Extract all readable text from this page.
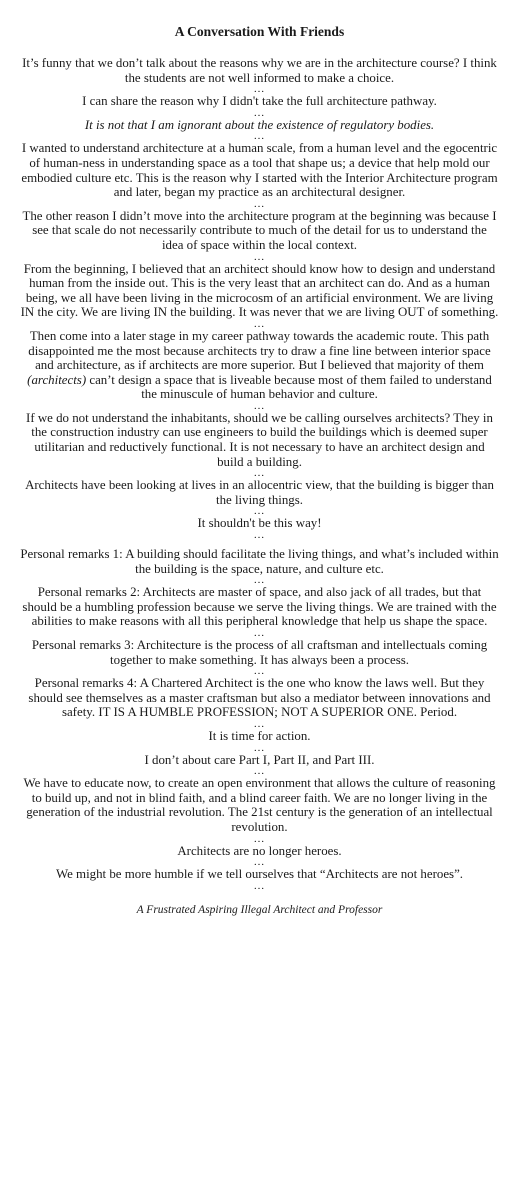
A Conversation With Friends

It’s funny that we don’t talk about the reasons why we are in the architecture course? I think the students are not well informed to make a choice.

…

I can share the reason why I didn't take the full architecture pathway.

…

It is not that I am ignorant about the existence of regulatory bodies.

…

I wanted to understand architecture at a human scale, from a human level and the egocentric of human-ness in understanding space as a tool that shape us; a device that help mold our embodied culture etc. This is the reason why I started with the Interior Architecture program and later, began my practice as an architectural designer.

…

The other reason I didn’t move into the architecture program at the beginning was because I see that scale do not necessarily contribute to much of the detail for us to understand the idea of space within the local context.

…

From the beginning, I believed that an architect should know how to design and understand human from the inside out. This is the very least that an architect can do. And as a human being, we all have been living in the microcosm of an artificial environment. We are living IN the city. We are living IN the building. It was never that we are living OUT of something.

…

Then come into a later stage in my career pathway towards the academic route. This path disappointed me the most because architects try to draw a fine line between interior space and architecture, as if architects are more superior. But I believed that majority of them (architects) can’t design a space that is liveable because most of them failed to understand the minuscule of human behavior and culture.

…

If we do not understand the inhabitants, should we be calling ourselves architects? They in the construction industry can use engineers to build the buildings which is deemed super utilitarian and reductively functional. It is not necessary to have an architect design and build a building.

…

Architects have been looking at lives in an allocentric view, that the building is bigger than the living things.

…

It shouldn't be this way!

…

Personal remarks 1: A building should facilitate the living things, and what’s included within the building is the space, nature, and culture etc.

…

Personal remarks 2: Architects are master of space, and also jack of all trades, but that should be a humbling profession because we serve the living things. We are trained with the abilities to make reasons with all this peripheral knowledge that help us shape the space.

…

Personal remarks 3: Architecture is the process of all craftsman and intellectuals coming together to make something. It has always been a process.

…

Personal remarks 4: A Chartered Architect is the one who know the laws well. But they should see themselves as a master craftsman but also a mediator between innovations and safety. IT IS A HUMBLE PROFESSION; NOT A SUPERIOR ONE. Period.

…

It is time for action.

…

I don’t about care Part I, Part II, and Part III.

…

We have to educate now, to create an open environment that allows the culture of reasoning to build up, and not in blind faith, and a blind career faith. We are no longer living in the generation of the industrial revolution. The 21st century is the generation of an intellectual revolution.

…

Architects are no longer heroes.

…

We might be more humble if we tell ourselves that “Architects are not heroes”.

…

A Frustrated Aspiring Illegal Architect and Professor
